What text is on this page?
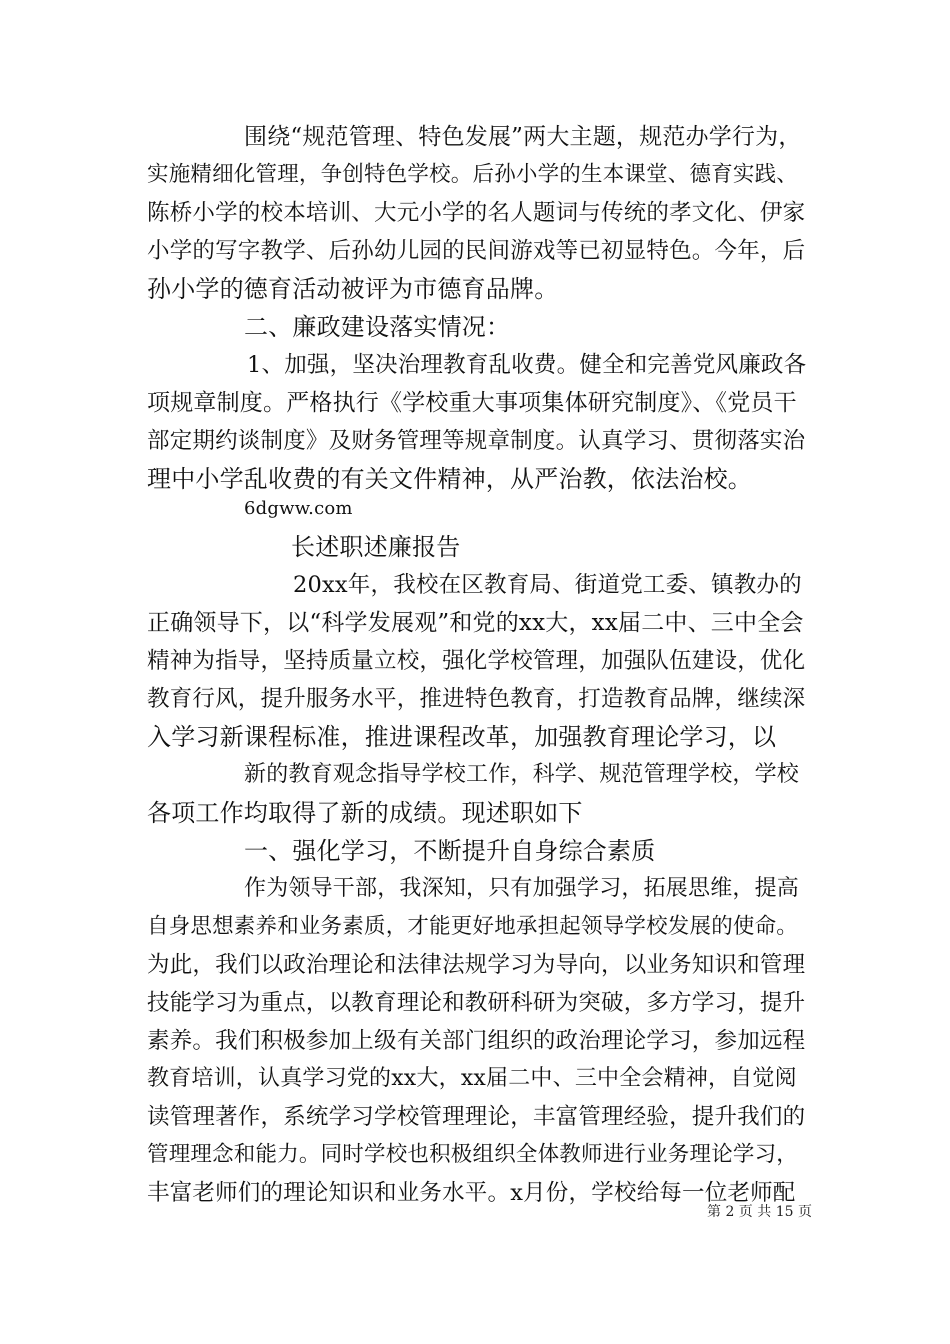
围绕“规范管理、特色发展”两大主题，规范办学行为，
实施精细化管理，争创特色学校。后孙小学的生本课堂、德育实践、
陈桥小学的校本培训、大元小学的名人题词与传统的孝文化、伊家
小学的写字教学、后孙幼儿园的民间游戏等已初显特色。今年，后
孙小学的德育活动被评为市德育品牌。
二、廉政建设落实情况：
1、加强，坚决治理教育乱收费。健全和完善党风廉政各
项规章制度。严格执行《学校重大事项集体研究制度》、《党员干
部定期约谈制度》及财务管理等规章制度。认真学习、贯彻落实治
理中小学乱收费的有关文件精神，从严治教，依法治校。
6dgww.com
长述职述廉报告
20xx年，我校在区教育局、街道党工委、镇教办的
正确领导下，以“科学发展观”和党的xx大，xx届二中、三中全会
精神为指导，坚持质量立校，强化学校管理，加强队伍建设，优化
教育行风，提升服务水平，推进特色教育，打造教育品牌，继续深
入学习新课程标准，推进课程改革，加强教育理论学习，以
新的教育观念指导学校工作，科学、规范管理学校，学校
各项工作均取得了新的成绩。现述职如下
一、强化学习，不断提升自身综合素质
作为领导干部，我深知，只有加强学习，拓展思维，提高
自身思想素养和业务素质，才能更好地承担起领导学校发展的使命。
为此，我们以政治理论和法律法规学习为导向，以业务知识和管理
技能学习为重点，以教育理论和教研科研为突破，多方学习，提升
素养。我们积极参加上级有关部门组织的政治理论学习，参加远程
教育培训，认真学习党的xx大，xx届二中、三中全会精神，自觉阅
读管理著作，系统学习学校管理理论，丰富管理经验，提升我们的
管理理念和能力。同时学校也积极组织全体教师进行业务理论学习，
丰富老师们的理论知识和业务水平。x月份，学校给每一位老师配
第 2 页 共 15 页
